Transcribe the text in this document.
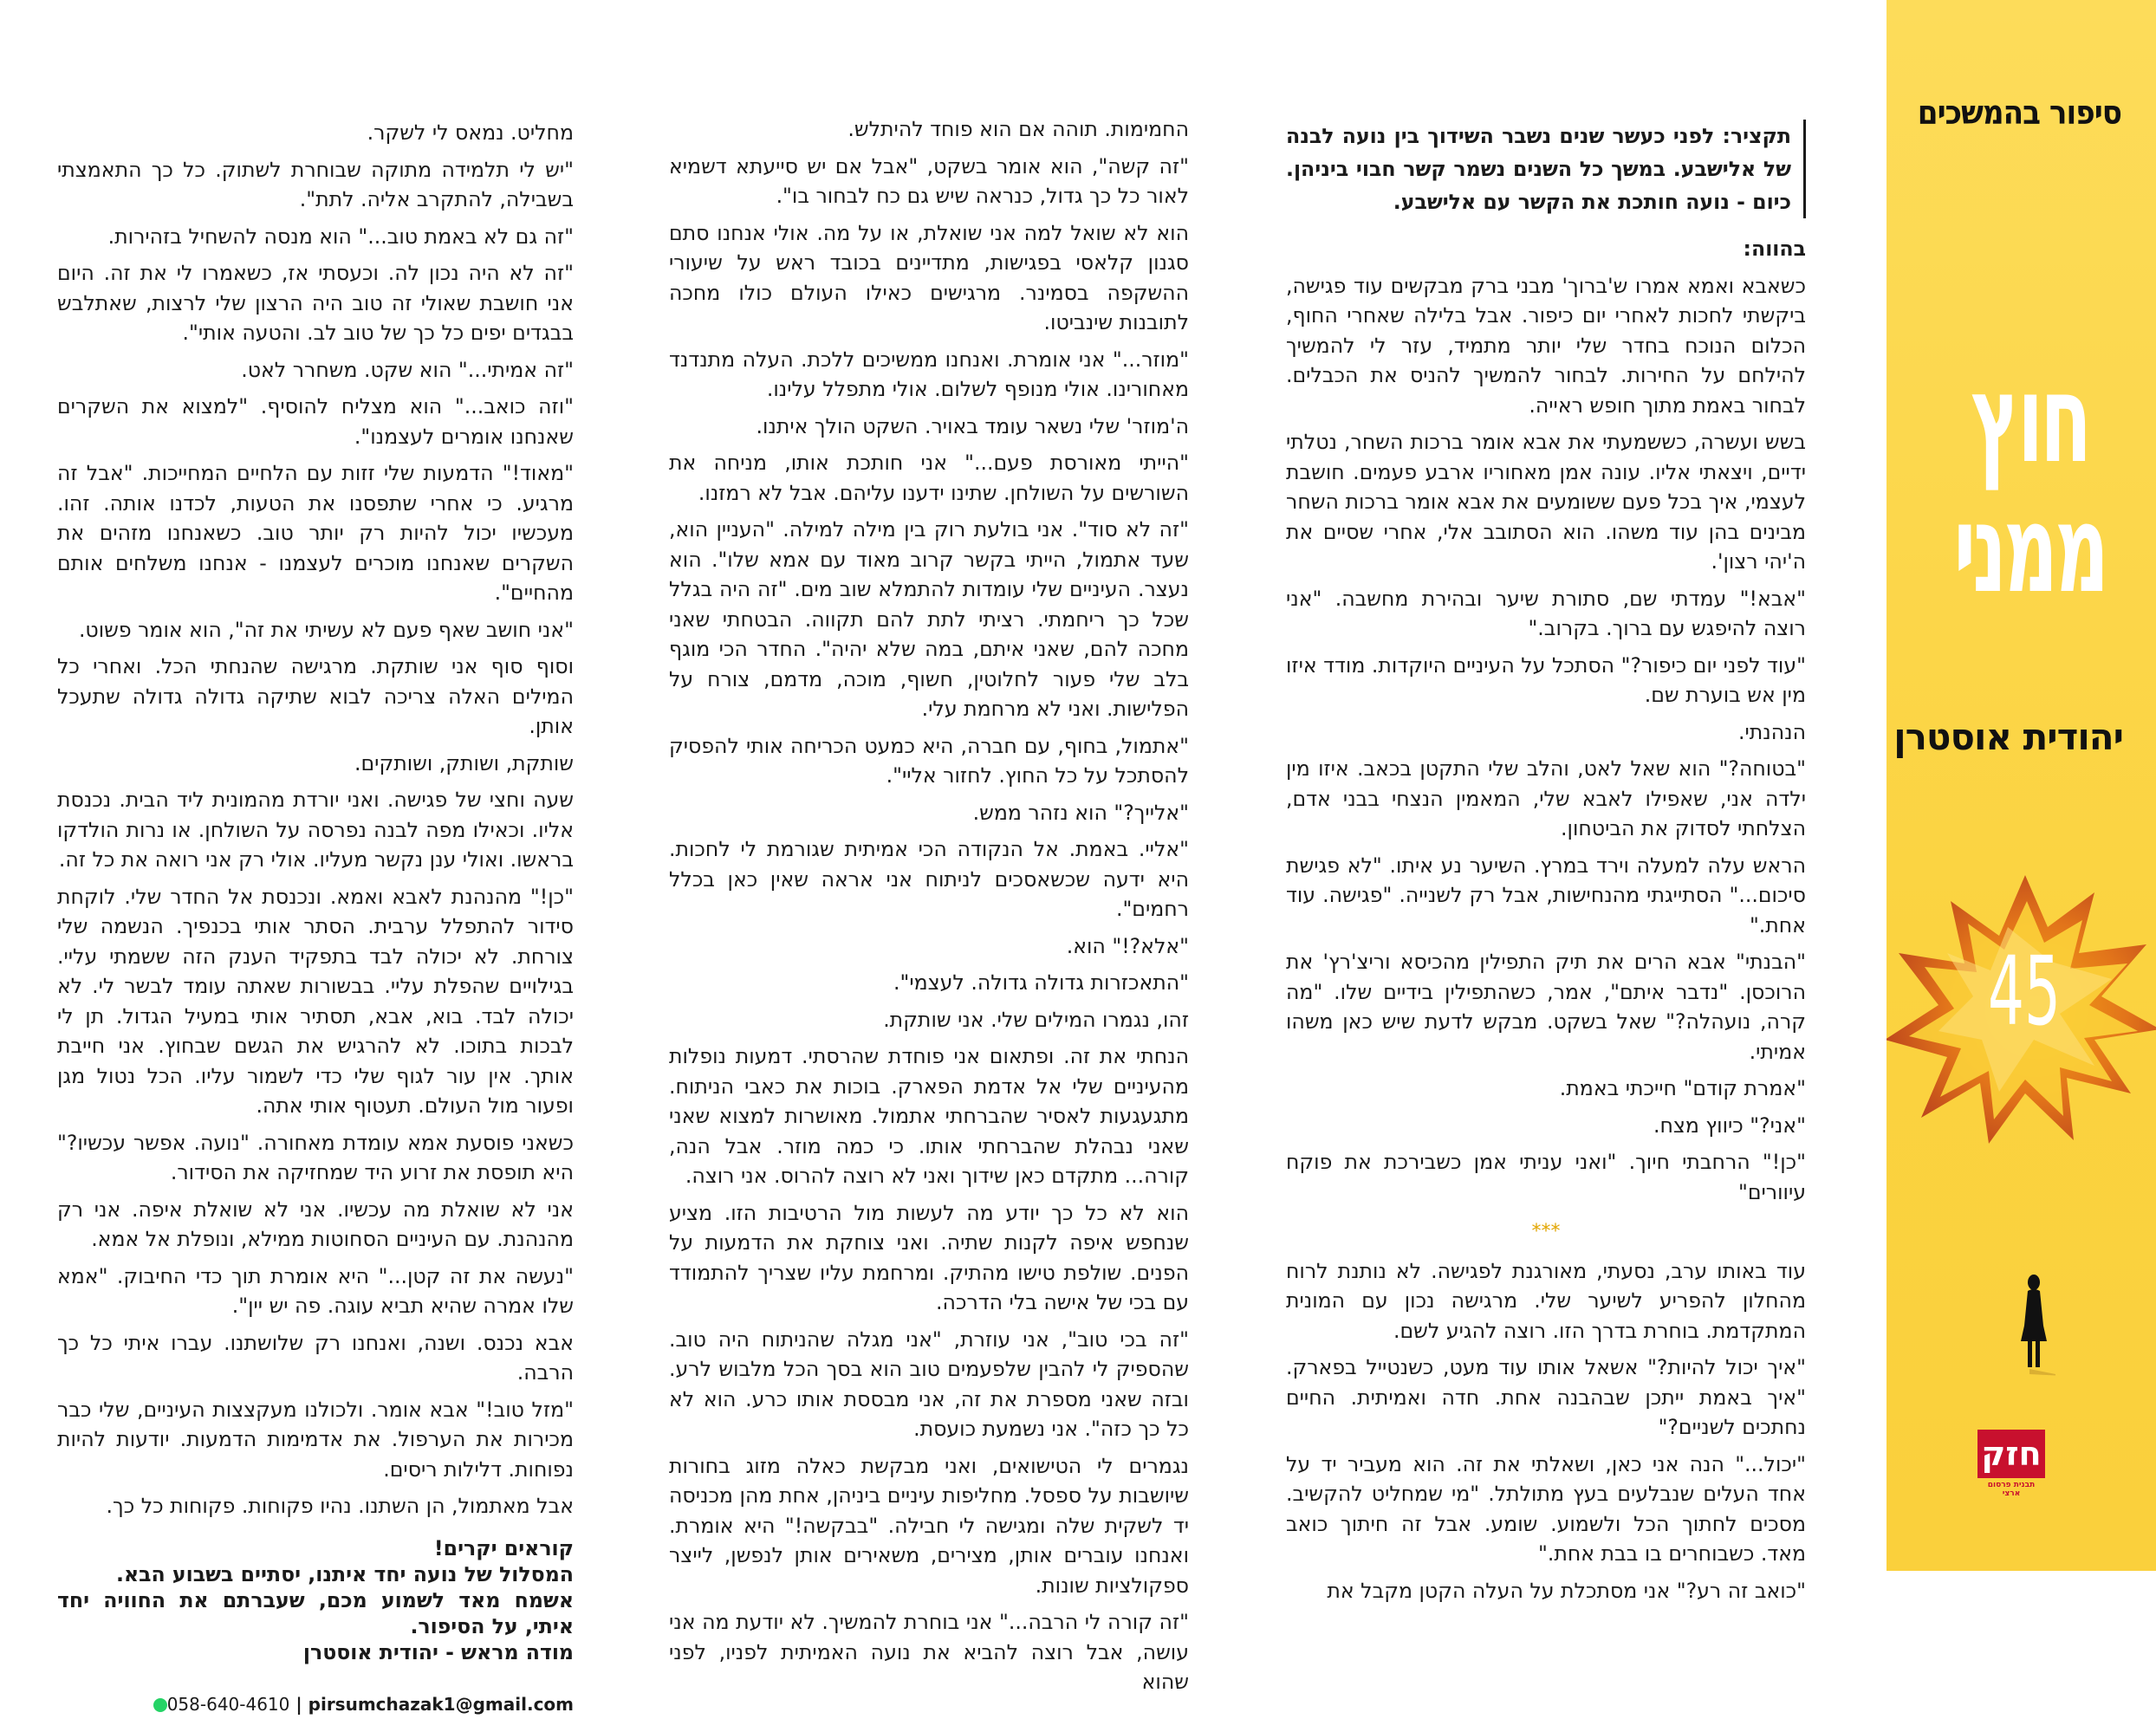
תקציר: לפני כעשר שנים נשבר השידוך בין נועה לבנה של אלישבע. במשך כל השנים נשמר קשר חבוי ביניהן. כיום - נועה חותכת את הקשר עם אלישבע.

בהווה:

כשאבא ואמא אמרו ש'ברוך' מבני ברק מבקשים עוד פגישה, ביקשתי לחכות לאחרי יום כיפור. אבל בלילה שאחרי החוף, הכלום הנוכח בחדר שלי יותר מתמיד, עזר לי להמשיך להילחם על החירות. לבחור להמשיך להניס את הכבלים. לבחור באמת מתוך חופש ראייה.

בשש ועשרה, כששמעתי את אבא אומר ברכות השחר, נטלתי ידיים, ויצאתי אליו. עונה אמן מאחוריו ארבע פעמים. חושבת לעצמי, איך בכל פעם ששומעים את אבא אומר ברכות השחר מבינים בהן עוד משהו. הוא הסתובב אלי, אחרי שסיים את ה'יהי רצון'.

"אבא!" עמדתי שם, סתורת שיער ובהירת מחשבה. "אני רוצה להיפגש עם ברוך. בקרוב."

"עוד לפני יום כיפור?" הסתכל על העיניים היוקדות. מודד איזו מין אש בוערת שם.

הנהנתי.

"בטוחה?" הוא שאל לאט, והלב שלי התקטן בכאב. איזו מין ילדה אני, שאפילו לאבא שלי, המאמין הנצחי בבני אדם, הצלחתי לסדוק את הביטחון.

הראש עלה למעלה וירד במרץ. השיער נע איתו. "לא פגישת סיכום..." הסתייגתי מהנחישות, אבל רק לשנייה. "פגישה. עוד אחת."

"הבנתי" אבא הרים את תיק התפילין מהכיסא וריצ'רץ' את הרוכסן. "נדבר איתם", אמר, כשהתפילין בידיים שלו. "מה קרה, נועהלה?" שאל בשקט. מבקש לדעת שיש כאן משהו אמיתי.

"אמרת קודם" חייכתי באמת.

"אני?" כיווץ מצח.

"כן!" הרחבתי חיוך. "ואני עניתי אמן כשבירכת את פוקח עיוורים"

***

עוד באותו ערב, נסעתי, מאורגנת לפגישה. לא נותנת לרוח מהחלון להפריע לשיער שלי. מרגישה נכון עם המונית המתקדמת. בוחרת בדרך הזו. רוצה להגיע לשם.

"איך יכול להיות?" אשאל אותו עוד מעט, כשנטייל בפארק. "איך באמת ייתכן שבהבנה אחת. חדה ואמיתית. החיים נחתכים לשניים?"

"יכול..." הנה אני כאן, ושאלתי את זה. הוא מעביר יד על אחד העלים שנבלעים בעץ מתולתל. "מי שמחליט להקשיב. מסכים לחתוך הכל ולשמוע. שומע. אבל זה חיתוך כואב מאד. כשבוחרים בו בבת אחת."

"כואב זה רע?" אני מסתכלת על העלה הקטן מקבל את

החמימות. תוהה אם הוא פוחד להיתלש.

"זה קשה", הוא אומר בשקט, "אבל אם יש סייעתא דשמיא לאור כל כך גדול, כנראה שיש גם כח לבחור בו".

הוא לא שואל למה אני שואלת, או על מה. אולי אנחנו סתם סגנון קלאסי בפגישות, מתדיינים בכובד ראש על שיעורי ההשקפה בסמינר. מרגישים כאילו העולם כולו מחכה לתובנות שינביטו.

"מוזר..." אני אומרת. ואנחנו ממשיכים ללכת. העלה מתנדנד מאחורינו. אולי מנופף לשלום. אולי מתפלל עלינו.

ה'מוזר' שלי נשאר עומד באויר. השקט הולך איתנו.

"הייתי מאורסת פעם..." אני חותכת אותו, מניחה את השורשים על השולחן. שתינו ידענו עליהם. אבל לא רמזנו.

"זה לא סוד". אני בולעת רוק בין מילה למילה. "העניין הוא, שעד אתמול, הייתי בקשר קרוב מאוד עם אמא שלו". הוא נעצר. העיניים שלי עומדות להתמלא שוב מים. "זה היה בגלל שכל כך ריחמתי. רציתי לתת להם תקווה. הבטחתי שאני מחכה להם, שאני איתם, במה שלא יהיה". החדר הכי מוגף בלב שלי פעור לחלוטין, חשוף, מוכה, מדמם, צורח על הפלישות. ואני לא מרחמת עלי.

"אתמול, בחוף, עם חברה, היא כמעט הכריחה אותי להפסיק להסתכל על כל החוץ. לחזור אליי".

"אלייך?" הוא נזהר ממש.

"אליי. באמת. אל הנקודה הכי אמיתית שגורמת לי לחכות. היא ידעה שכשאסכים לניתוח אני אראה שאין כאן בכלל רחמים".

"אלא?!" הוא.

"התאכזרות גדולה גדולה. לעצמי".

זהו, נגמרו המילים שלי. אני שותקת.

הנחתי את זה. ופתאום אני פוחדת שהרסתי. דמעות נופלות מהעיניים שלי אל אדמת הפארק. בוכות את כאבי הניתוח. מתגעגעות לאסיר שהברחתי אתמול. מאושרות למצוא שאני שאני נבהלת שהברחתי אותו. כי כמה מוזר. אבל הנה, קורה... מתקדם כאן שידוך ואני לא רוצה להרוס. אני רוצה.

הוא לא כל כך יודע מה לעשות מול הרטיבות הזו. מציע שנחפש איפה לקנות שתיה. ואני צוחקת את הדמעות על הפנים. שולפת טישו מהתיק. ומרחמת עליו שצריך להתמודד עם בכי של אישה בלי הדרכה.

"זה בכי טוב", אני עוזרת, "אני מגלה שהניתוח היה טוב. שהספיק לי להבין שלפעמים טוב הוא בסך הכל מלבוש לרע. ובזה שאני מספרת את זה, אני מבססת אותו כרע. הוא לא כל כך כזה". אני נשמעת כועסת.

נגמרים לי הטישואים, ואני מבקשת כאלה מזוג בחורות שיושבות על ספסל. מחליפות עיניים ביניהן, אחת מהן מכניסה יד לשקית שלה ומגישה לי חבילה. "בבקשה!" היא אומרת. ואנחנו עוברים אותן, מצירים, משאירים אותן לנפשן, לייצר ספקולציות שונות.

"זה קורה לי הרבה..." אני בוחרת להמשיך. לא יודעת מה אני עושה, אבל רוצה להביא את נועה האמיתית לפניו, לפני שהוא

מחליט. נמאס לי לשקר.

"יש לי תלמידה מתוקה שבוחרת לשתוק. כל כך התאמצתי בשבילה, להתקרב אליה. לתת".

"זה גם לא באמת טוב..." הוא מנסה להשחיל בזהירות.

"זה לא היה נכון לה. וכעסתי אז, כשאמרו לי את זה. היום אני חושבת שאולי זה טוב היה הרצון שלי לרצות, שאתלבש בבגדים יפים כל כך של טוב לב. והטעה אותי".

"זה אמיתי..." הוא שקט. משחרר לאט.

"וזה כואב..." הוא מצליח להוסיף. "למצוא את השקרים שאנחנו אומרים לעצמנו".

"מאוד!" הדמעות שלי זזות עם הלחיים המחייכות. "אבל זה מרגיע. כי אחרי שתפסנו את הטעות, לכדנו אותה. זהו. מעכשיו יכול להיות רק יותר טוב. כשאנחנו מזהים את השקרים שאנחנו מוכרים לעצמנו - אנחנו משלחים אותם מהחיים".

"אני חושב שאף פעם לא עשיתי את זה", הוא אומר פשוט.

וסוף סוף אני שותקת. מרגישה שהנחתי הכל. ואחרי כל המילים האלה צריכה לבוא שתיקה גדולה גדולה שתעכל אותן.

שותקת, ושותק, ושותקים.

שעה וחצי של פגישה. ואני יורדת מהמונית ליד הבית. נכנסת אליו. וכאילו מפה לבנה נפרסה על השולחן. או נרות הולדקו בראשו. ואולי ענן נקשר מעליו. אולי רק אני רואה את כל זה.

"כן!" מהנהנת לאבא ואמא. ונכנסת אל החדר שלי. לוקחת סידור להתפלל ערבית. הסתר אותי בכנפיך. הנשמה שלי צורחת. לא יכולה לבד בתפקיד הענק הזה ששמתי עליי. בגילויים שהפלת עליי. בבשורות שאתה עומד לבשר לי. לא יכולה לבד. בוא, אבא, תסתיר אותי במעיל הגדול. תן לי לבכות בתוכו. לא להרגיש את הגשם שבחוץ. אני חייבת אותך. אין עור לגוף שלי כדי לשמור עליו. הכל נטול מגן ופעור מול העולם. תעטוף אותי אתה.

כשאני פוסעת אמא עומדת מאחורה. "נועה. אפשר עכשיו?" היא תופסת את זרוע היד שמחזיקה את הסידור.

אני לא שואלת מה עכשיו. אני לא שואלת איפה. אני רק מהנהנת. עם העיניים הסחוטות ממילא, ונופלת אל אמא.

"נעשה את זה קטן..." היא אומרת תוך כדי החיבוק. "אמא שלו אמרה שהיא תביא עוגה. פה יש יין".

אבא נכנס. ושנה, ואנחנו רק שלושתנו. עברו איתי כל כך הרבה.

"מזל טוב!" אבא אומר. ולכולנו מעקצצות העיניים, שלי כבר מכירות את הערפול. את אדמימות הדמעות. יודעות להיות נפוחות. דלילות ריסים.

אבל מאתמול, הן השתנו. נהיו פקוחות. פקוחות כל כך.

קוראים יקרים!

המסלול של נועה יחד איתנו, יסתיים בשבוע הבא.

אשמח מאד לשמוע מכם, שעברתם את החוויה יחד איתי, על הסיפור.

מודה מראש - יהודית אוסטרן

058-640-4610 | pirsumchazak1@gmail.com
סיפור בהמשכים
חוץ
ממני
יהודית אוסטרן
45
חזק
תבנית פרסום ארצי
